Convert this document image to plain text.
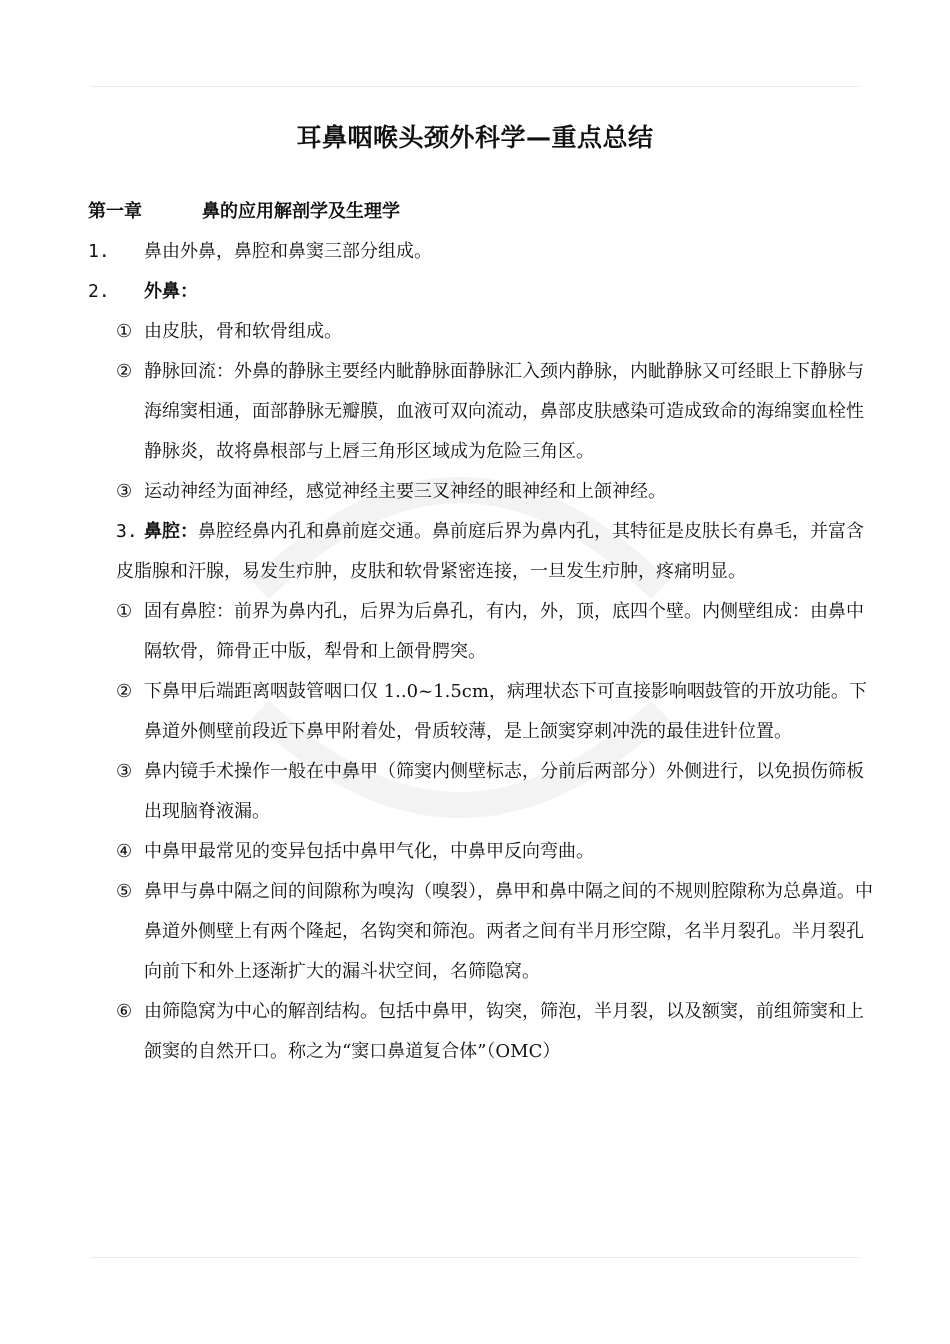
耳鼻咽喉头颈外科学—重点总结
第一章	鼻的应用解剖学及生理学
1. 鼻由外鼻，鼻腔和鼻窦三部分组成。
2. 外鼻：
① 由皮肤，骨和软骨组成。
② 静脉回流：外鼻的静脉主要经内眦静脉面静脉汇入颈内静脉，内眦静脉又可经眼上下静脉与海绵窦相通，面部静脉无瓣膜，血液可双向流动，鼻部皮肤感染可造成致命的海绵窦血栓性静脉炎，故将鼻根部与上唇三角形区域成为危险三角区。
③ 运动神经为面神经，感觉神经主要三叉神经的眼神经和上颌神经。
3. 鼻腔：鼻腔经鼻内孔和鼻前庭交通。鼻前庭后界为鼻内孔，其特征是皮肤长有鼻毛，并富含皮脂腺和汗腺，易发生疖肿，皮肤和软骨紧密连接，一旦发生疖肿，疼痛明显。
① 固有鼻腔：前界为鼻内孔，后界为后鼻孔，有内，外，顶，底四个壁。内侧壁组成：由鼻中隔软骨，筛骨正中版，犁骨和上颌骨腭突。
② 下鼻甲后端距离咽鼓管咽口仅 1..0~1.5cm，病理状态下可直接影响咽鼓管的开放功能。下鼻道外侧壁前段近下鼻甲附着处，骨质较薄，是上颌窦穿刺冲洗的最佳进针位置。
③ 鼻内镜手术操作一般在中鼻甲（筛窦内侧壁标志，分前后两部分）外侧进行，以免损伤筛板出现脑脊液漏。
④ 中鼻甲最常见的变异包括中鼻甲气化，中鼻甲反向弯曲。
⑤ 鼻甲与鼻中隔之间的间隙称为嗅沟（嗅裂），鼻甲和鼻中隔之间的不规则腔隙称为总鼻道。中鼻道外侧壁上有两个隆起，名钩突和筛泡。两者之间有半月形空隙，名半月裂孔。半月裂孔向前下和外上逐渐扩大的漏斗状空间，名筛隐窝。
⑥ 由筛隐窝为中心的解剖结构。包括中鼻甲，钩突，筛泡，半月裂，以及额窦，前组筛窦和上颌窦的自然开口。称之为“窦口鼻道复合体”（OMC）
